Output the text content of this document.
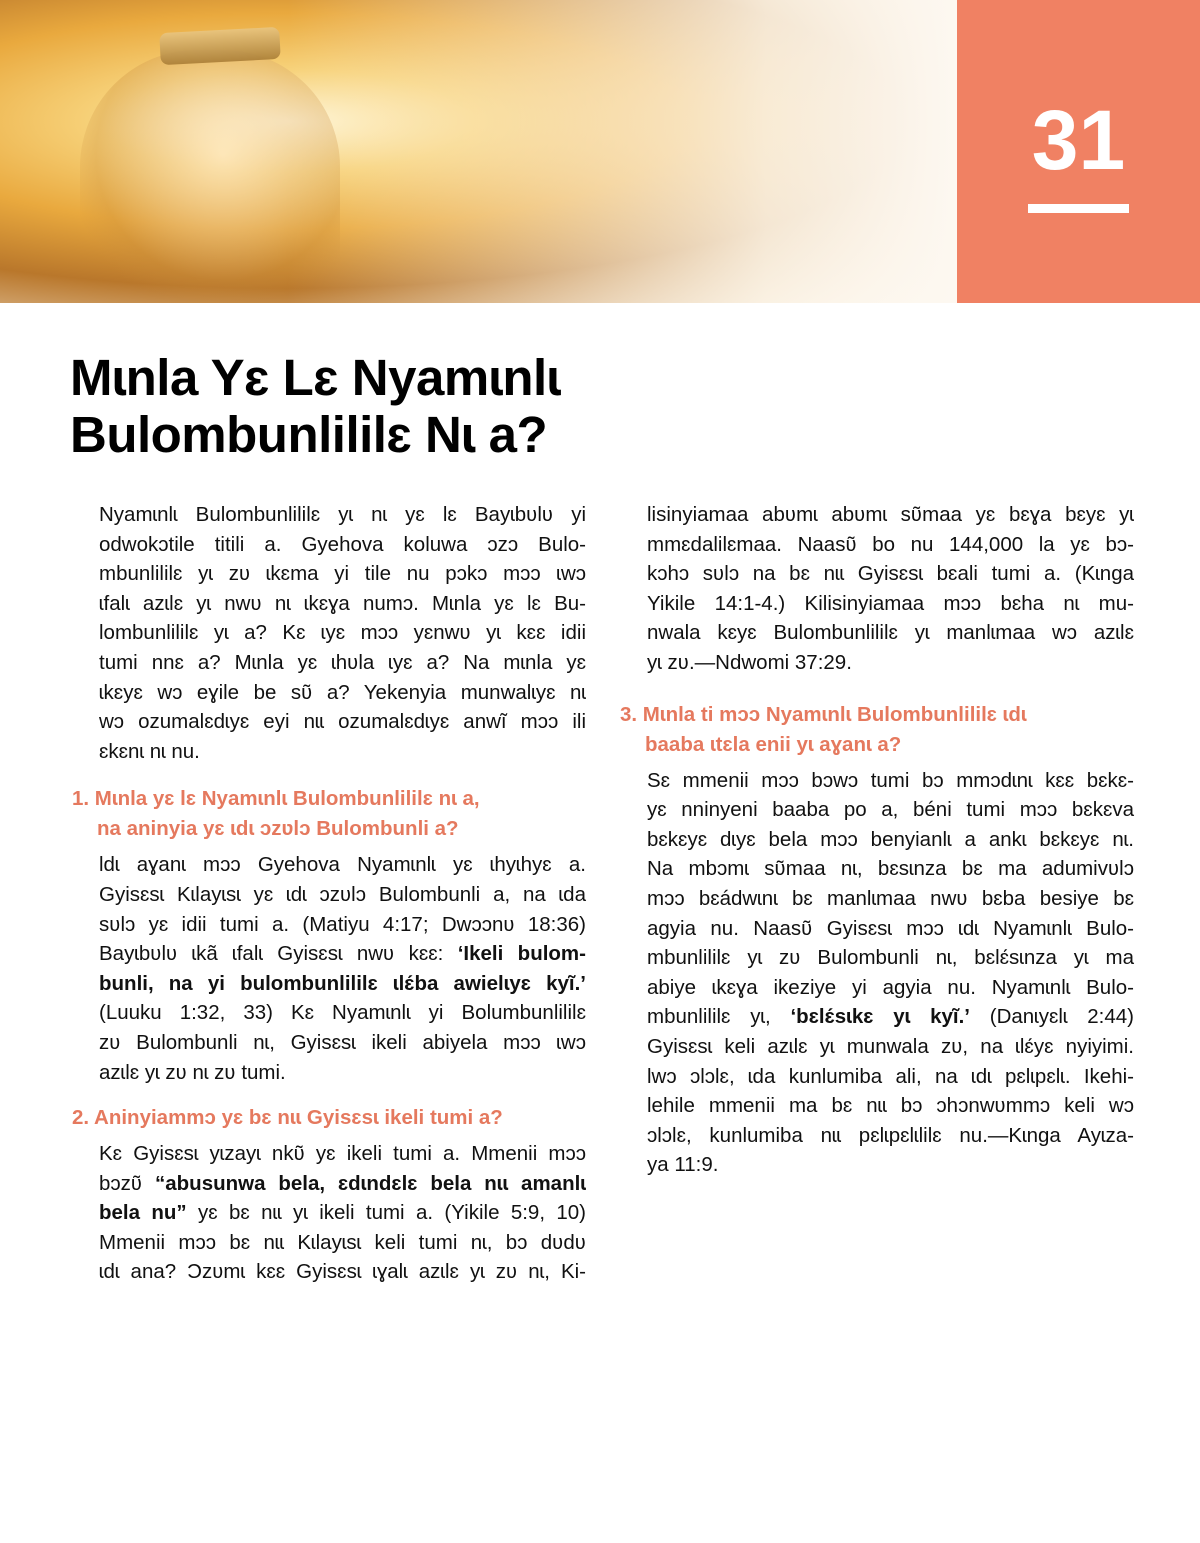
31
Mɩnla Yɛ Lɛ Nyamɩnlɩ
Bulombunlililɛ Nɩ a?
Nyamɩnlɩ Bulombunlililɛ yɩ nɩ yɛ lɛ Bayɩbʋlʋ yi
odwokɔtile titili a. Gyehova koluwa ɔzɔ Bulo-
mbunlililɛ yɩ zʋ ɩkɛma yi tile nu pɔkɔ mɔɔ ɩwɔ
ɩfalɩ azɩlɛ yɩ nwʋ nɩ ɩkɛɣa numɔ. Mɩnla yɛ lɛ Bu-
lombunlililɛ yɩ a? Kɛ ɩyɛ mɔɔ yɛnwʋ yɩ kɛɛ idii
tumi nnɛ a? Mɩnla yɛ ɩhʋla ɩyɛ a? Na mɩnla yɛ
ɩkɛyɛ wɔ eɣile be sʋ̃ a? Yekenyia munwalɩyɛ nɩ
wɔ ozumalɛdɩyɛ eyi nɩɩ ozumalɛdɩyɛ anwĩ mɔɔ ili
ɛkɛnɩ nɩ nu.
1. Mɩnla yɛ lɛ Nyamɩnlɩ Bulombunlililɛ nɩ a,
na aninyia yɛ ɩdɩ ɔzʋlɔ Bulombunli a?
Ɩdɩ aɣanɩ mɔɔ Gyehova Nyamɩnlɩ yɛ ɩhyɩhyɛ a.
Gyisɛsɩ Kɩlayɩsɩ yɛ ɩdɩ ɔzʋlɔ Bulombunli a, na ɩda
sʋlɔ yɛ idii tumi a. (Matiyu 4:17; Dwɔɔnʋ 18:36)
Bayɩbʋlʋ ɩkã ɩfalɩ Gyisɛsɩ nwʋ kɛɛ: ‘Ikeli bulom-
bunli, na yi bulombunlililɛ ɩlɛ́ba awielɩyɛ kyĩ.’
(Luuku 1:32, 33) Kɛ Nyamɩnlɩ yi Bolumbunlililɛ
zʋ Bulombunli nɩ, Gyisɛsɩ ikeli abiyela mɔɔ ɩwɔ
azɩlɛ yɩ zʋ nɩ zʋ tumi.
2. Aninyiammɔ yɛ bɛ nɩɩ Gyisɛsɩ ikeli tumi a?
Kɛ Gyisɛsɩ yɩzayɩ nkʋ̃ yɛ ikeli tumi a. Mmenii mɔɔ
bɔzʋ̃ “abusunwa bela, ɛdɩndɛlɛ bela nɩɩ amanlɩ
bela nu” yɛ bɛ nɩɩ yɩ ikeli tumi a. (Yikile 5:9, 10)
Mmenii mɔɔ bɛ nɩɩ Kɩlayɩsɩ keli tumi nɩ, bɔ dʋdʋ
ɩdɩ ana? Ɔzʋmɩ kɛɛ Gyisɛsɩ ɩɣalɩ azɩlɛ yɩ zʋ nɩ, Ki-
lisinyiamaa abʋmɩ abʋmɩ sʋ̃maa yɛ bɛɣa bɛyɛ yɩ
mmɛdalilɛmaa. Naasʋ̃ bo nu 144,000 la yɛ bɔ-
kɔhɔ sʋlɔ na bɛ nɩɩ Gyisɛsɩ bɛali tumi a. (Kɩnga
Yikile 14:1-4.) Kilisinyiamaa mɔɔ bɛha nɩ mu-
nwala kɛyɛ Bulombunlililɛ yɩ manlɩmaa wɔ azɩlɛ
yɩ zʋ.—Ndwomi 37:29.
3. Mɩnla ti mɔɔ Nyamɩnlɩ Bulombunlililɛ ɩdɩ
baaba ɩtɛla enii yɩ aɣanɩ a?
Sɛ mmenii mɔɔ bɔwɔ tumi bɔ mmɔdɩnɩ kɛɛ bɛkɛ-
yɛ nninyeni baaba po a, béni tumi mɔɔ bɛkɛva
bɛkɛyɛ dɩyɛ bela mɔɔ benyianlɩ a ankɩ bɛkɛyɛ nɩ.
Na mbɔmɩ sʋ̃maa nɩ, bɛsɩnza bɛ ma adumivʋlɔ
mɔɔ bɛádwɩnɩ bɛ manlɩmaa nwʋ bɛba besiye bɛ
agyia nu. Naasʋ̃ Gyisɛsɩ mɔɔ ɩdɩ Nyamɩnlɩ Bulo-
mbunlililɛ yɩ zʋ Bulombunli nɩ, bɛlɛ́sɩnza yɩ ma
abiye ɩkɛɣa ikeziye yi agyia nu. Nyamɩnlɩ Bulo-
mbunlililɛ yɩ, ‘bɛlɛ́sɩkɛ yɩ kyĩ.’ (Danɩyɛlɩ 2:44)
Gyisɛsɩ keli azɩlɛ yɩ munwala zʋ, na ɩlɛ́yɛ nyiyimi.
Ɩwɔ ɔlɔlɛ, ɩda kunlumiba ali, na ɩdɩ pɛlɩpɛlɩ. Ikehi-
lehile mmenii ma bɛ nɩɩ bɔ ɔhɔnwʋmmɔ keli wɔ
ɔlɔlɛ, kunlumiba nɩɩ pɛlɩpɛlɩlilɛ nu.—Kɩnga Ayɩza-
ya 11:9.
